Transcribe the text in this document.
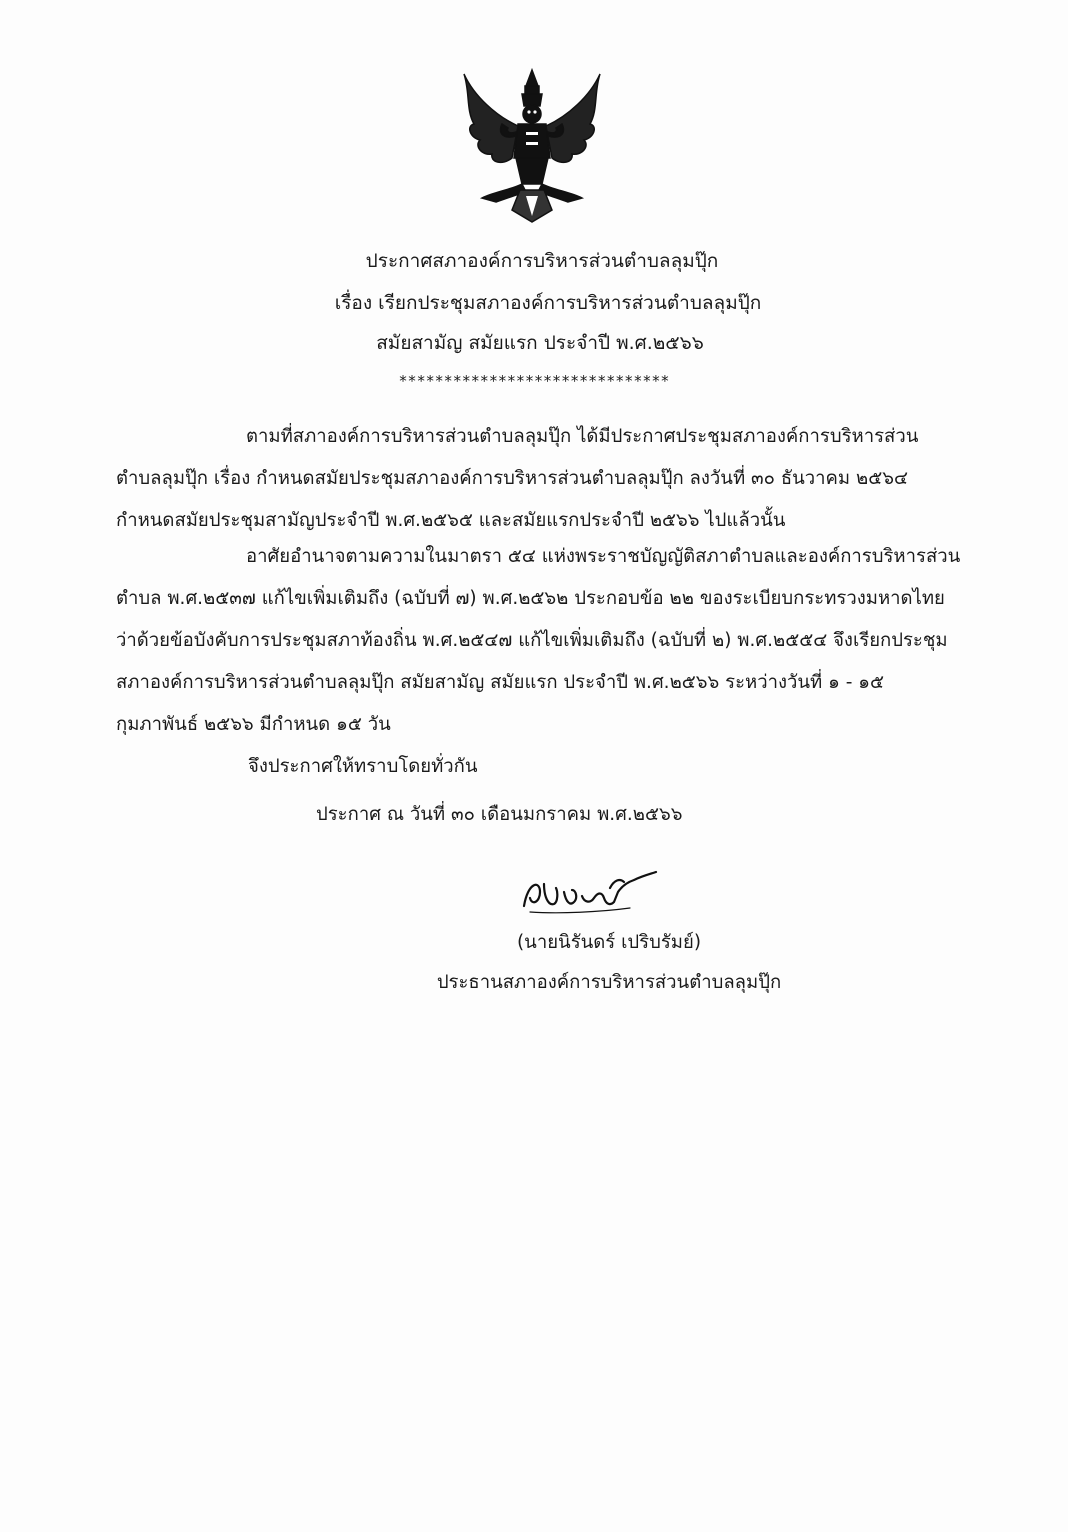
ประกาศสภาองค์การบริหารส่วนตำบลลุมปุ๊ก
เรื่อง เรียกประชุมสภาองค์การบริหารส่วนตำบลลุมปุ๊ก
สมัยสามัญ สมัยแรก ประจำปี พ.ศ.๒๕๖๖
******************************
ตามที่สภาองค์การบริหารส่วนตำบลลุมปุ๊ก ได้มีประกาศประชุมสภาองค์การบริหารส่วน
ตำบลลุมปุ๊ก เรื่อง กำหนดสมัยประชุมสภาองค์การบริหารส่วนตำบลลุมปุ๊ก ลงวันที่ ๓๐ ธันวาคม ๒๕๖๔
กำหนดสมัยประชุมสามัญประจำปี พ.ศ.๒๕๖๕ และสมัยแรกประจำปี ๒๕๖๖ ไปแล้วนั้น
อาศัยอำนาจตามความในมาตรา ๕๔ แห่งพระราชบัญญัติสภาตำบลและองค์การบริหารส่วน
ตำบล พ.ศ.๒๕๓๗ แก้ไขเพิ่มเติมถึง (ฉบับที่ ๗) พ.ศ.๒๕๖๒ ประกอบข้อ ๒๒ ของระเบียบกระทรวงมหาดไทย
ว่าด้วยข้อบังคับการประชุมสภาท้องถิ่น พ.ศ.๒๕๔๗ แก้ไขเพิ่มเติมถึง (ฉบับที่ ๒) พ.ศ.๒๕๕๔ จึงเรียกประชุม
สภาองค์การบริหารส่วนตำบลลุมปุ๊ก สมัยสามัญ สมัยแรก ประจำปี พ.ศ.๒๕๖๖ ระหว่างวันที่ ๑ - ๑๕
กุมภาพันธ์ ๒๕๖๖ มีกำหนด ๑๕ วัน
จึงประกาศให้ทราบโดยทั่วกัน
ประกาศ ณ วันที่ ๓๐ เดือนมกราคม พ.ศ.๒๕๖๖
(นายนิรันดร์ เปริบรัมย์)
ประธานสภาองค์การบริหารส่วนตำบลลุมปุ๊ก
